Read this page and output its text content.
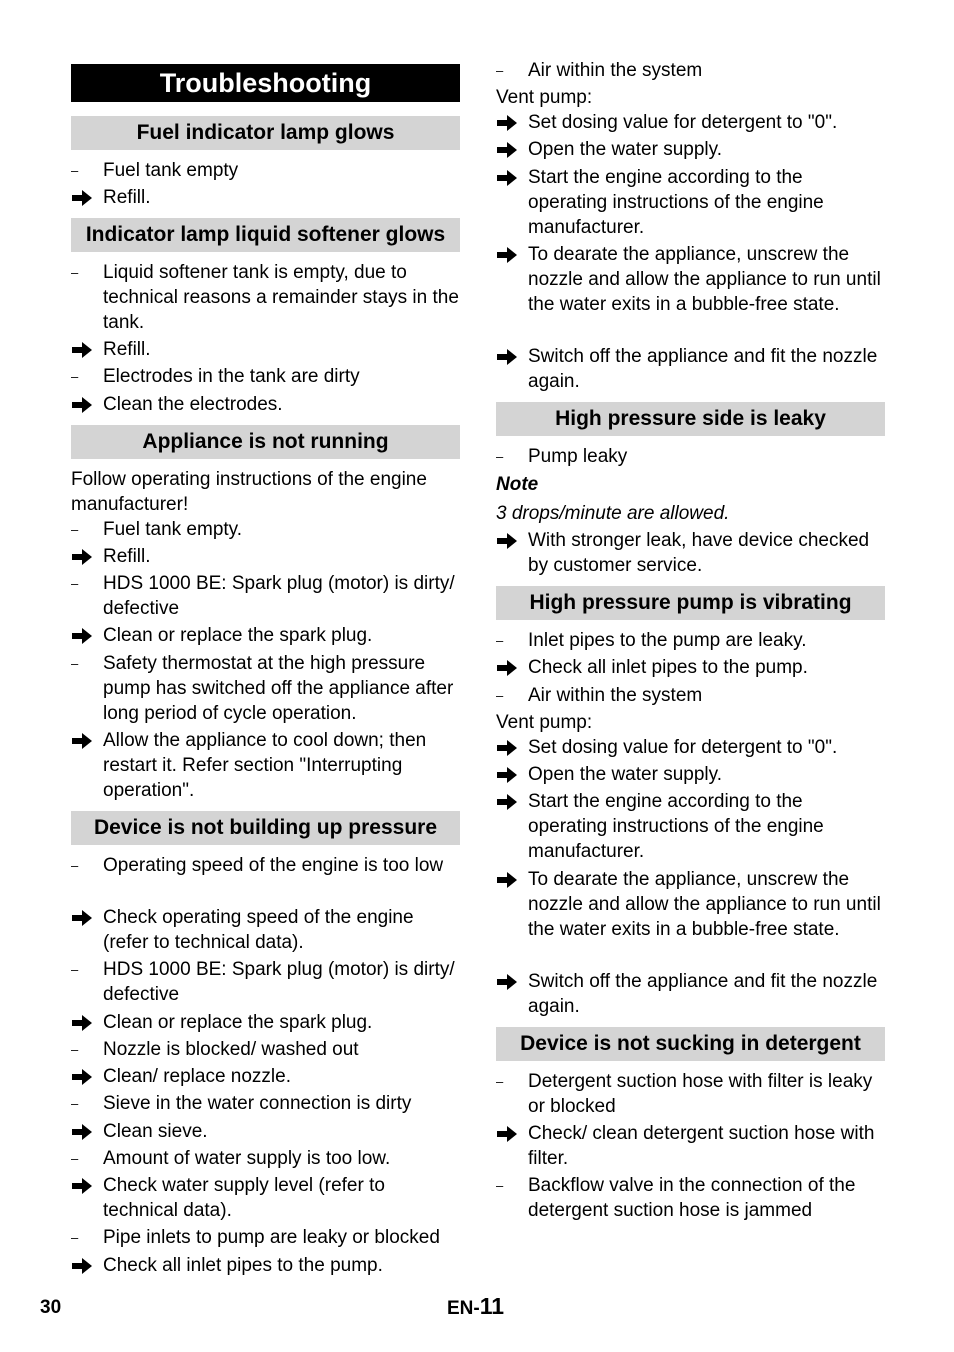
Troubleshooting
Fuel indicator lamp glows
–	Fuel tank empty
Refill.
Indicator lamp liquid softener glows
–	Liquid softener tank is empty, due to technical reasons a remainder stays in the tank.
Refill.
–	Electrodes in the tank are dirty
Clean the electrodes.
Appliance is not running
Follow operating instructions of the engine manufacturer!
–	Fuel tank empty.
Refill.
–	HDS 1000 BE: Spark plug (motor) is dirty/ defective
Clean or replace the spark plug.
–	Safety thermostat at the high pressure pump has switched off the appliance after long period of cycle operation.
Allow the appliance to cool down; then restart it. Refer section "Interrupting operation".
Device is not building up pressure
–	Operating speed of the engine is too low
Check operating speed of the engine (refer to technical data).
–	HDS 1000 BE: Spark plug (motor) is dirty/ defective
Clean or replace the spark plug.
–	Nozzle is blocked/ washed out
Clean/ replace nozzle.
–	Sieve in the water connection is dirty
Clean sieve.
–	Amount of water supply is too low.
Check water supply level (refer to technical data).
–	Pipe inlets to pump are leaky or blocked
Check all inlet pipes to the pump.
–	Air within the system
Vent pump:
Set dosing value for detergent to "0".
Open the water supply.
Start the engine according to the operating instructions of the engine manufacturer.
To dearate the appliance, unscrew the nozzle and allow the appliance to run until the water exits in a bubble-free state.
Switch off the appliance and fit the nozzle again.
High pressure side is leaky
–	Pump leaky
Note
3 drops/minute are allowed.
With stronger leak, have device checked by customer service.
High pressure pump is vibrating
–	Inlet pipes to the pump are leaky.
Check all inlet pipes to the pump.
–	Air within the system
Vent pump:
Set dosing value for detergent to "0".
Open the water supply.
Start the engine according to the operating instructions of the engine manufacturer.
To dearate the appliance, unscrew the nozzle and allow the appliance to run until the water exits in a bubble-free state.
Switch off the appliance and fit the nozzle again.
Device is not sucking in detergent
–	Detergent suction hose with filter is leaky or blocked
Check/ clean detergent suction hose with filter.
–	Backflow valve in the connection of the detergent suction hose is jammed
30	EN-11
